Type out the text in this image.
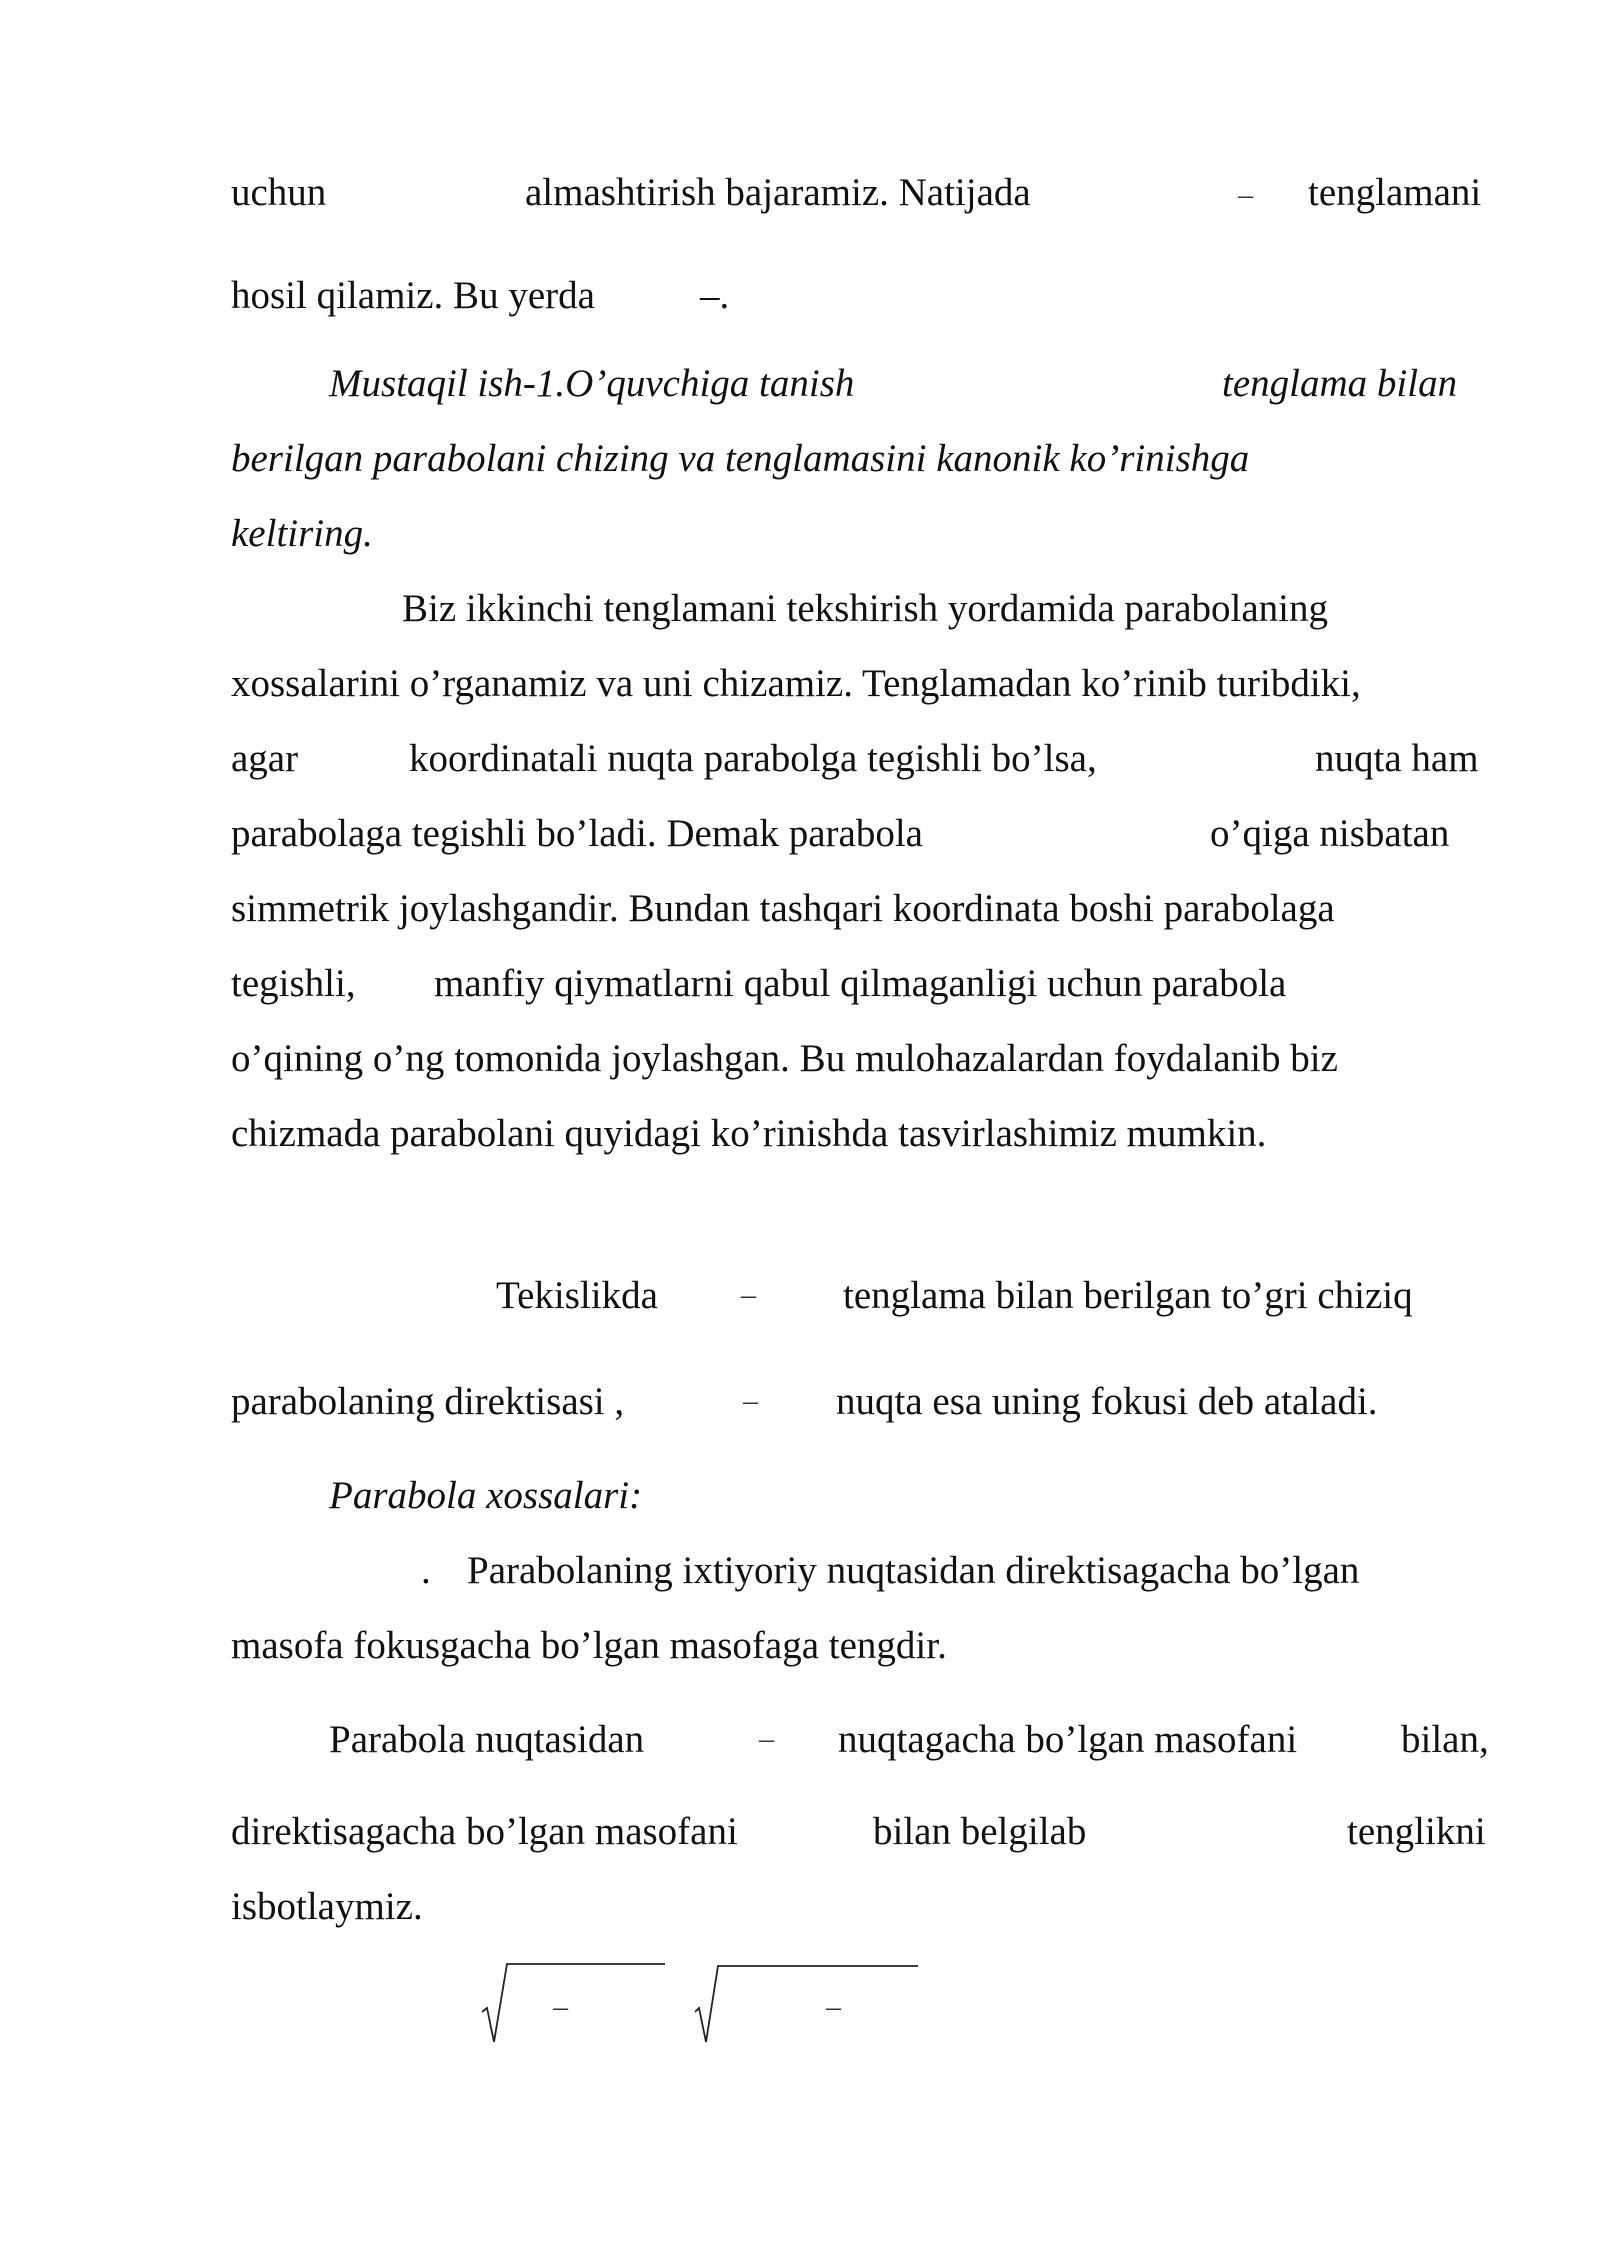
uchun	almashtirish bajaramiz. Natijada	– tenglamani
hosil qilamiz. Bu yerda	–.
Mustaqil ish-1.O’quvchiga tanish	tenglama bilan
berilgan parabolani chizing va tenglamasini kanonik ko’rinishga
keltiring.
Biz ikkinchi tenglamani tekshirish yordamida parabolaning
xossalarini o’rganamiz va uni chizamiz. Tenglamadan ko’rinib turibdiki,
agar	koordinatali nuqta parabolga tegishli bo’lsa,	nuqta ham
parabolaga tegishli bo’ladi. Demak parabola	o’qiga nisbatan
simmetrik joylashgandir. Bundan tashqari koordinata boshi parabolaga
tegishli, manfiy qiymatlarni qabul qilmaganligi uchun parabola
o’qining o’ng tomonida joylashgan. Bu mulohazalardan foydalanib biz
chizmada parabolani quyidagi ko’rinishda tasvirlashimiz mumkin.
Tekislikda	– tenglama bilan berilgan to’gri chiziq
parabolaning direktisasi ,	– nuqta esa uning fokusi deb ataladi.
Parabola xossalari:
. Parabolaning ixtiyoriy nuqtasidan direktisagacha bo’lgan
masofa fokusgacha bo’lgan masofaga tengdir.
Parabola nuqtasidan	– nuqtagacha bo’lgan masofani	bilan,
direktisagacha bo’lgan masofani	bilan belgilab	tenglikni
isbotlaymiz.
–	–
